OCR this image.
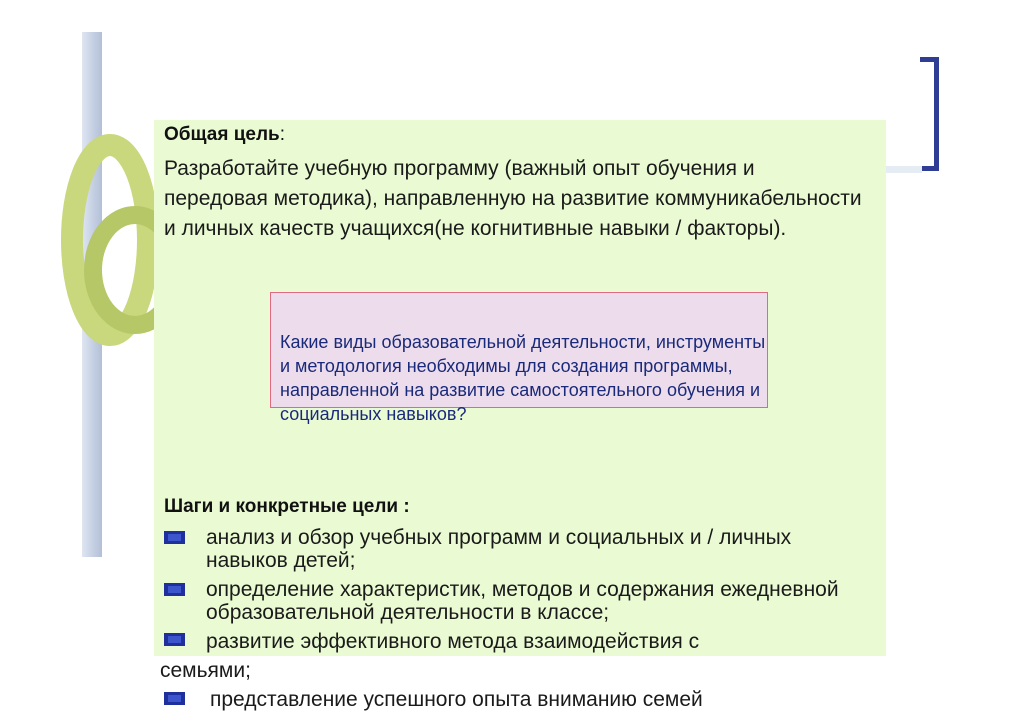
Общая цель:
Разработайте учебную программу (важный опыт обучения и передовая методика), направленную на развитие коммуникабельности и личных качеств учащихся(не когнитивные навыки / факторы).
Какие виды образовательной деятельности, инструменты и методология необходимы для создания программы, направленной на развитие самостоятельного обучения и социальных навыков?
Шаги и конкретные цели :
анализ и обзор учебных программ и социальных и / личных навыков детей;
определение характеристик, методов и содержания ежедневной образовательной деятельности в классе;
развитие эффективного метода взаимодействия с
семьями;
представление успешного опыта вниманию семей
